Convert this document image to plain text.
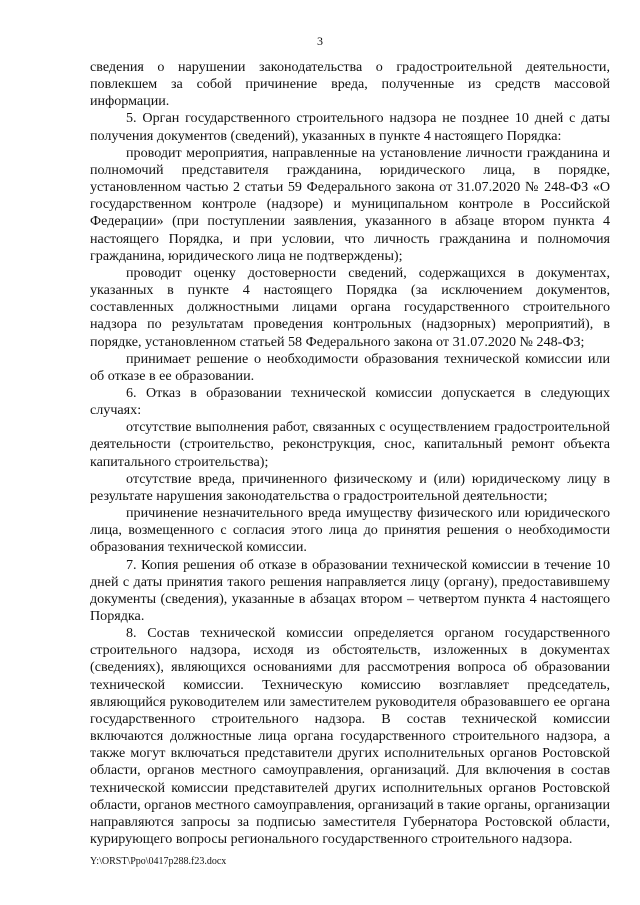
3

сведения о нарушении законодательства о градостроительной деятельности, повлекшем за собой причинение вреда, полученные из средств массовой информации.

5. Орган государственного строительного надзора не позднее 10 дней с даты получения документов (сведений), указанных в пункте 4 настоящего Порядка:

проводит мероприятия, направленные на установление личности гражданина и полномочий представителя гражданина, юридического лица, в порядке, установленном частью 2 статьи 59 Федерального закона от 31.07.2020 № 248-ФЗ «О государственном контроле (надзоре) и муниципальном контроле в Российской Федерации» (при поступлении заявления, указанного в абзаце втором пункта 4 настоящего Порядка, и при условии, что личность гражданина и полномочия гражданина, юридического лица не подтверждены);

проводит оценку достоверности сведений, содержащихся в документах, указанных в пункте 4 настоящего Порядка (за исключением документов, составленных должностными лицами органа государственного строительного надзора по результатам проведения контрольных (надзорных) мероприятий), в порядке, установленном статьей 58 Федерального закона от 31.07.2020 № 248-ФЗ;

принимает решение о необходимости образования технической комиссии или об отказе в ее образовании.

6. Отказ в образовании технической комиссии допускается в следующих случаях:

отсутствие выполнения работ, связанных с осуществлением градостроительной деятельности (строительство, реконструкция, снос, капитальный ремонт объекта капитального строительства);

отсутствие вреда, причиненного физическому и (или) юридическому лицу в результате нарушения законодательства о градостроительной деятельности;

причинение незначительного вреда имуществу физического или юридического лица, возмещенного с согласия этого лица до принятия решения о необходимости образования технической комиссии.

7. Копия решения об отказе в образовании технической комиссии в течение 10 дней с даты принятия такого решения направляется лицу (органу), предоставившему документы (сведения), указанные в абзацах втором – четвертом пункта 4 настоящего Порядка.

8. Состав технической комиссии определяется органом государственного строительного надзора, исходя из обстоятельств, изложенных в документах (сведениях), являющихся основаниями для рассмотрения вопроса об образовании технической комиссии. Техническую комиссию возглавляет председатель, являющийся руководителем или заместителем руководителя образовавшего ее органа государственного строительного надзора. В состав технической комиссии включаются должностные лица органа государственного строительного надзора, а также могут включаться представители других исполнительных органов Ростовской области, органов местного самоуправления, организаций. Для включения в состав технической комиссии представителей других исполнительных органов Ростовской области, органов местного самоуправления, организаций в такие органы, организации направляются запросы за подписью заместителя Губернатора Ростовской области, курирующего вопросы регионального государственного строительного надзора.

Y:\ORST\Ppo\0417p288.f23.docx
